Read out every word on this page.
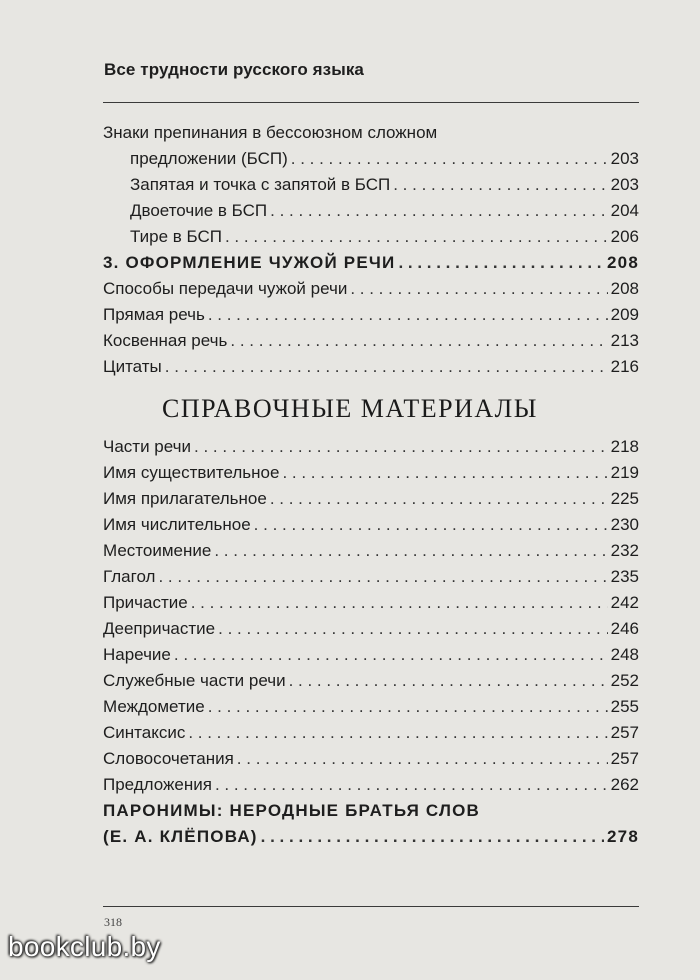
Все трудности русского языка
Знаки препинания в бессоюзном сложном
предложении (БСП) . . .	203
Запятая и точка с запятой в БСП . . .	203
Двоеточие в БСП . . .	204
Тире в БСП . . .	206
3. ОФОРМЛЕНИЕ ЧУЖОЙ РЕЧИ . . .	208
Способы передачи чужой речи . . .	208
Прямая речь . . .	209
Косвенная речь . . .	213
Цитаты . . .	216
СПРАВОЧНЫЕ МАТЕРИАЛЫ
Части речи . . .	218
Имя существительное . . .	219
Имя прилагательное . . .	225
Имя числительное . . .	230
Местоимение . . .	232
Глагол . . .	235
Причастие . . .	242
Деепричастие . . .	246
Наречие . . .	248
Служебные части речи . . .	252
Междометие . . .	255
Синтаксис . . .	257
Словосочетания . . .	257
Предложения . . .	262
ПАРОНИМЫ: НЕРОДНЫЕ БРАТЬЯ СЛОВ
(Е. А. КЛЁПОВА) . . .	278
318
bookclub.by
